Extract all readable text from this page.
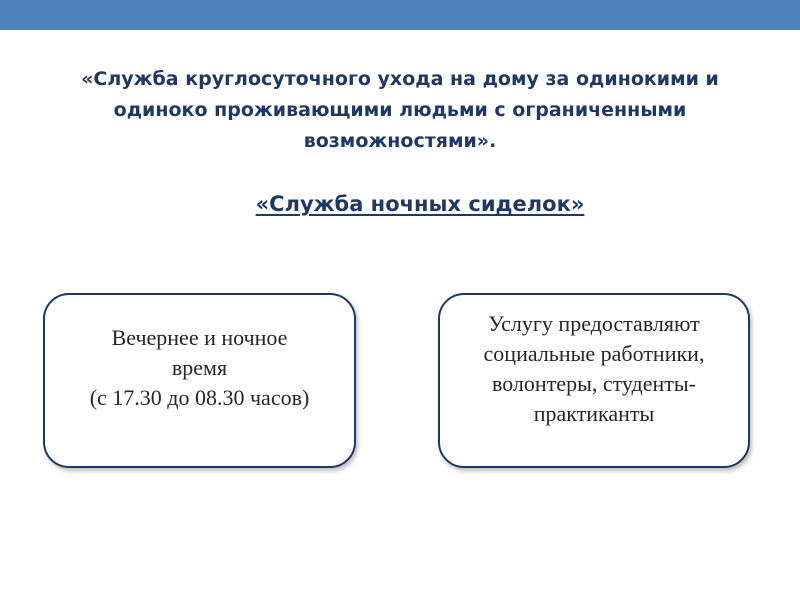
«Служба круглосуточного ухода на дому за одинокими и
одиноко проживающими людьми с ограниченными
возможностями».
«Служба ночных сиделок»
Вечернее и ночное
время
(с 17.30 до 08.30 часов)
Услугу предоставляют
социальные работники,
волонтеры, студенты-
практиканты
